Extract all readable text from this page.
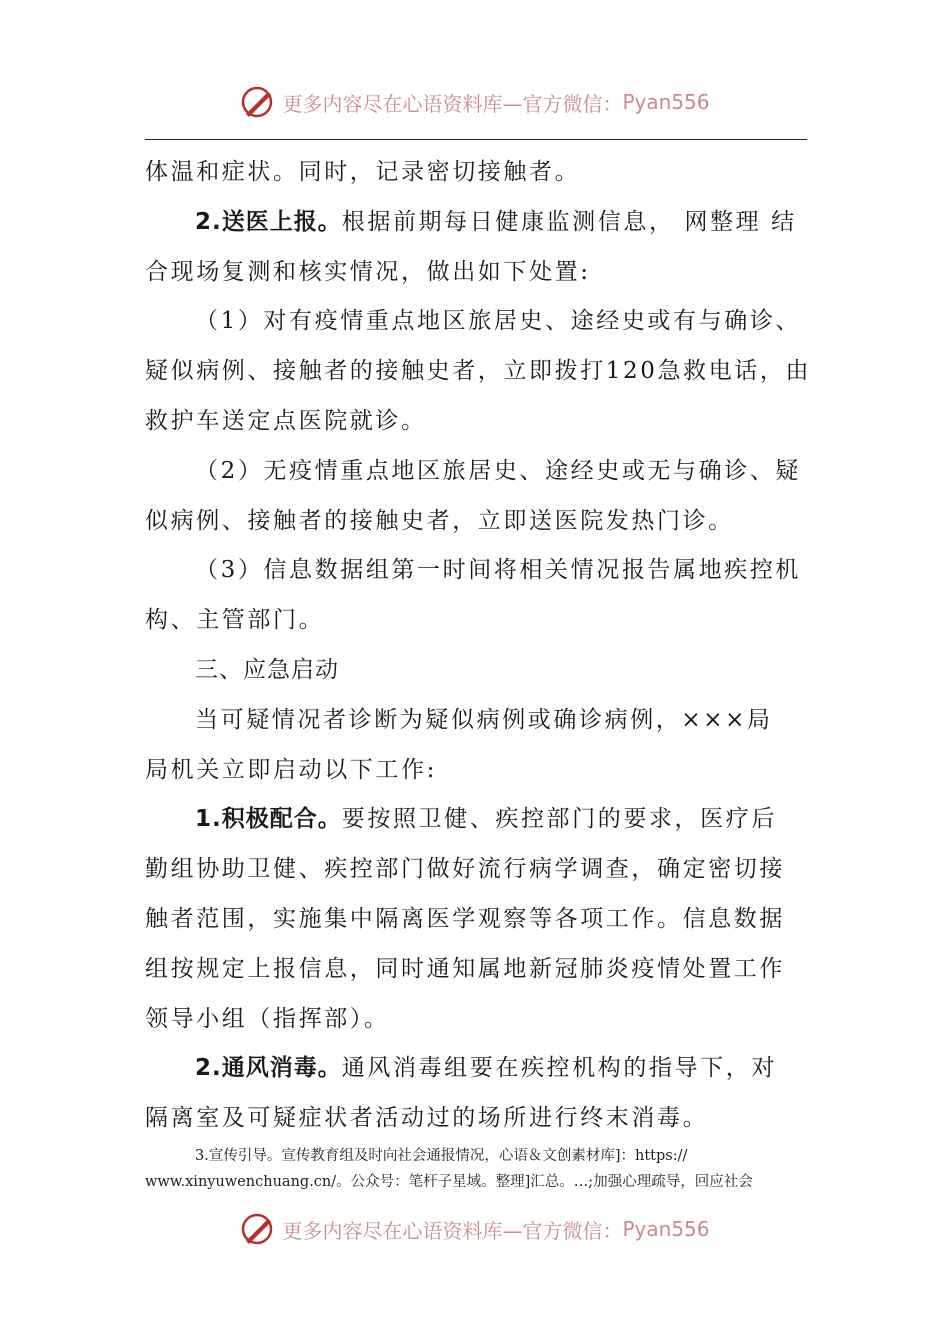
更多内容尽在心语资料库—官方微信： Pyan556

体温和症状。同时，记录密切接触者。

2.送医上报。根据前期每日健康监测信息， 网整理 结

合现场复测和核实情况，做出如下处置:

（1）对有疫情重点地区旅居史、途经史或有与确诊、

疑似病例、接触者的接触史者，立即拨打120急救电话，由

救护车送定点医院就诊。

（2）无疫情重点地区旅居史、途经史或无与确诊、疑

似病例、接触者的接触史者，立即送医院发热门诊。

（3）信息数据组第一时间将相关情况报告属地疾控机

构、主管部门。

三、应急启动

当可疑情况者诊断为疑似病例或确诊病例，×××局

局机关立即启动以下工作:

1.积极配合。要按照卫健、疾控部门的要求，医疗后

勤组协助卫健、疾控部门做好流行病学调查，确定密切接

触者范围，实施集中隔离医学观察等各项工作。信息数据

组按规定上报信息，同时通知属地新冠肺炎疫情处置工作

领导小组（指挥部）。

2.通风消毒。通风消毒组要在疾控机构的指导下，对

隔离室及可疑症状者活动过的场所进行终末消毒。

3.宣传引导。宣传教育组及时向社会通报情况，心语＆文创素材库]：https://

www.xinyuwenchuang.cn/。公众号：笔杆子星域。整理]汇总。…;加强心理疏导，回应社会

更多内容尽在心语资料库—官方微信： Pyan556
